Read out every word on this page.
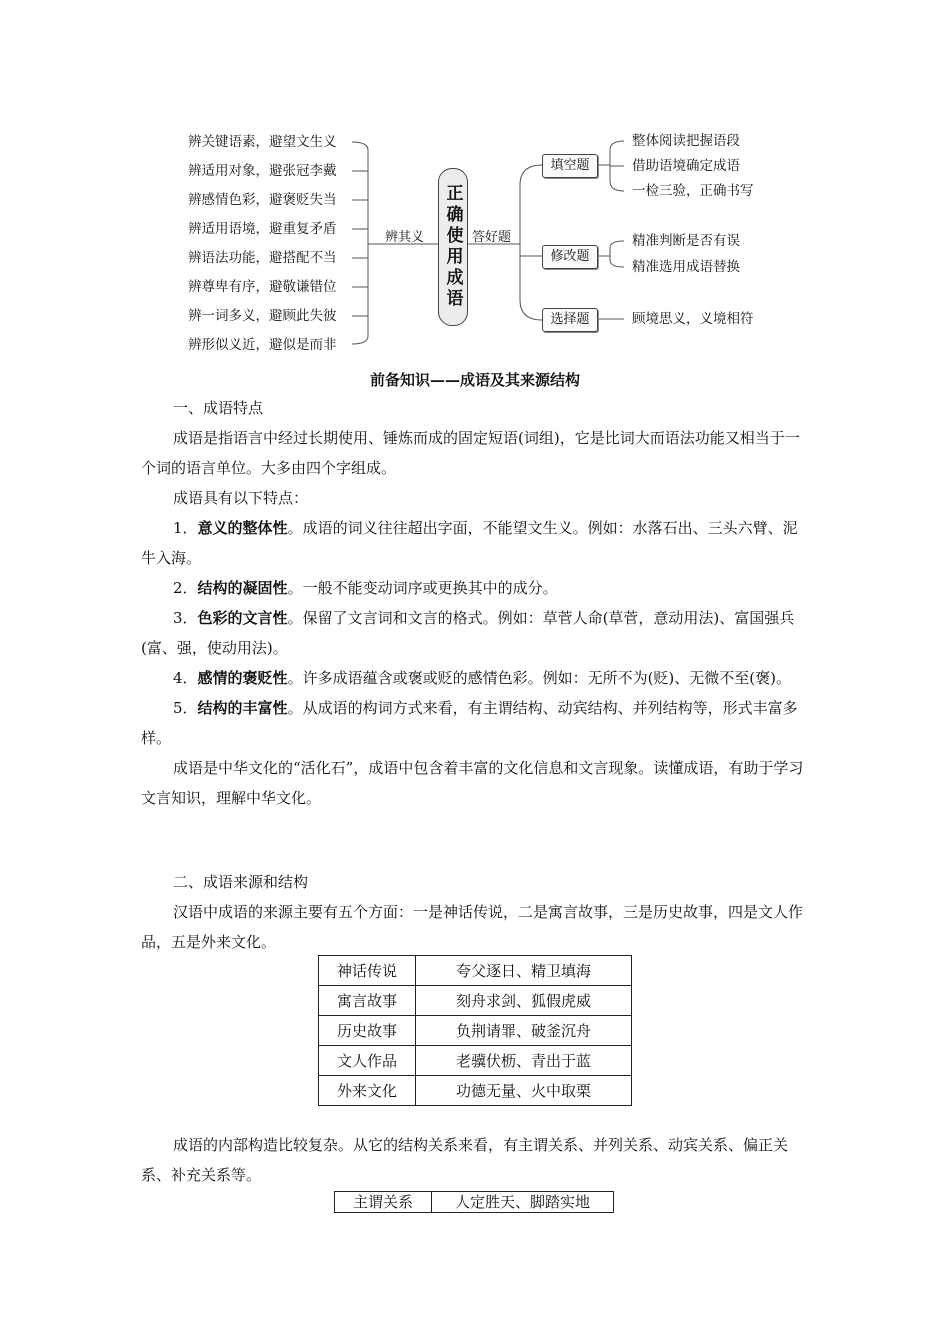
辨关键语素，避望文生义
辨适用对象，避张冠李戴
辨感情色彩，避褒贬失当
辨适用语境，避重复矛盾
辨语法功能，避搭配不当
辨尊卑有序，避敬谦错位
辨一词多义，避顾此失彼
辨形似义近，避似是而非
辨其义 正确使用成语 答好题
填空题
修改题
选择题
整体阅读把握语段
借助语境确定成语
一检三验，正确书写
精准判断是否有误
精准选用成语替换
顾境思义，义境相符
前备知识——成语及其来源结构
一、成语特点
成语是指语言中经过长期使用、锤炼而成的固定短语(词组)，它是比词大而语法功能又相当于一个词的语言单位。大多由四个字组成。
成语具有以下特点：
1．意义的整体性。成语的词义往往超出字面，不能望文生义。例如：水落石出、三头六臂、泥牛入海。
2．结构的凝固性。一般不能变动词序或更换其中的成分。
3．色彩的文言性。保留了文言词和文言的格式。例如：草菅人命(草菅，意动用法)、富国强兵(富、强，使动用法)。
4．感情的褒贬性。许多成语蕴含或褒或贬的感情色彩。例如：无所不为(贬)、无微不至(褒)。
5．结构的丰富性。从成语的构词方式来看，有主谓结构、动宾结构、并列结构等，形式丰富多样。
成语是中华文化的“活化石”，成语中包含着丰富的文化信息和文言现象。读懂成语，有助于学习文言知识，理解中华文化。
二、成语来源和结构
汉语中成语的来源主要有五个方面：一是神话传说，二是寓言故事，三是历史故事，四是文人作品，五是外来文化。
神话传说	夸父逐日、精卫填海
寓言故事	刻舟求剑、狐假虎威
历史故事	负荆请罪、破釜沉舟
文人作品	老骥伏枥、青出于蓝
外来文化	功德无量、火中取栗
成语的内部构造比较复杂。从它的结构关系来看，有主谓关系、并列关系、动宾关系、偏正关系、补充关系等。
主谓关系	人定胜天、脚踏实地
